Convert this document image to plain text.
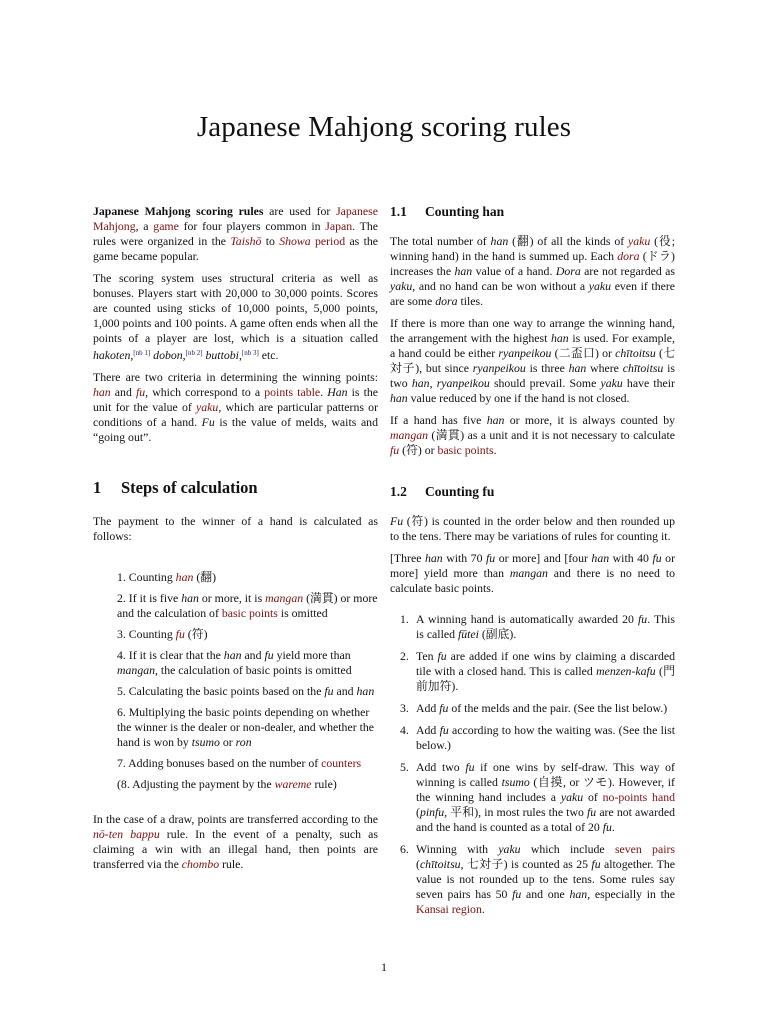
Japanese Mahjong scoring rules

Japanese Mahjong scoring rules are used for Japanese Mahjong, a game for four players common in Japan. The rules were organized in the Taishō to Showa period as the game became popular.

The scoring system uses structural criteria as well as bonuses. Players start with 20,000 to 30,000 points. Scores are counted using sticks of 10,000 points, 5,000 points, 1,000 points and 100 points. A game often ends when all the points of a player are lost, which is a situation called hakoten,[nb 1] dobon,[nb 2] buttobi,[nb 3] etc.

There are two criteria in determining the winning points: han and fu, which correspond to a points table. Han is the unit for the value of yaku, which are particular patterns or conditions of a hand. Fu is the value of melds, waits and “going out”.

1 Steps of calculation

The payment to the winner of a hand is calculated as follows:

1. Counting han (翻)
2. If it is five han or more, it is mangan (満貫) or more and the calculation of basic points is omitted
3. Counting fu (符)
4. If it is clear that the han and fu yield more than mangan, the calculation of basic points is omitted
5. Calculating the basic points based on the fu and han
6. Multiplying the basic points depending on whether the winner is the dealer or non-dealer, and whether the hand is won by tsumo or ron
7. Adding bonuses based on the number of counters
(8. Adjusting the payment by the wareme rule)

In the case of a draw, points are transferred according to the nō-ten bappu rule. In the event of a penalty, such as claiming a win with an illegal hand, then points are transferred via the chombo rule.

1.1 Counting han

The total number of han (翻) of all the kinds of yaku (役; winning hand) in the hand is summed up. Each dora (ドラ) increases the han value of a hand. Dora are not regarded as yaku, and no hand can be won without a yaku even if there are some dora tiles.

If there is more than one way to arrange the winning hand, the arrangement with the highest han is used. For example, a hand could be either ryanpeikou (二盃口) or chītoitsu (七対子), but since ryanpeikou is three han where chītoitsu is two han, ryanpeikou should prevail. Some yaku have their han value reduced by one if the hand is not closed.

If a hand has five han or more, it is always counted by mangan (満貫) as a unit and it is not necessary to calculate fu (符) or basic points.

1.2 Counting fu

Fu (符) is counted in the order below and then rounded up to the tens. There may be variations of rules for counting it.

[Three han with 70 fu or more] and [four han with 40 fu or more] yield more than mangan and there is no need to calculate basic points.

1. A winning hand is automatically awarded 20 fu. This is called fūtei (副底).
2. Ten fu are added if one wins by claiming a discarded tile with a closed hand. This is called menzen-kafu (門前加符).
3. Add fu of the melds and the pair. (See the list below.)
4. Add fu according to how the waiting was. (See the list below.)
5. Add two fu if one wins by self-draw. This way of winning is called tsumo (自摸, or ツモ). However, if the winning hand includes a yaku of no-points hand (pinfu, 平和), in most rules the two fu are not awarded and the hand is counted as a total of 20 fu.
6. Winning with yaku which include seven pairs (chītoitsu, 七対子) is counted as 25 fu altogether. The value is not rounded up to the tens. Some rules say seven pairs has 50 fu and one han, especially in the Kansai region.
1
